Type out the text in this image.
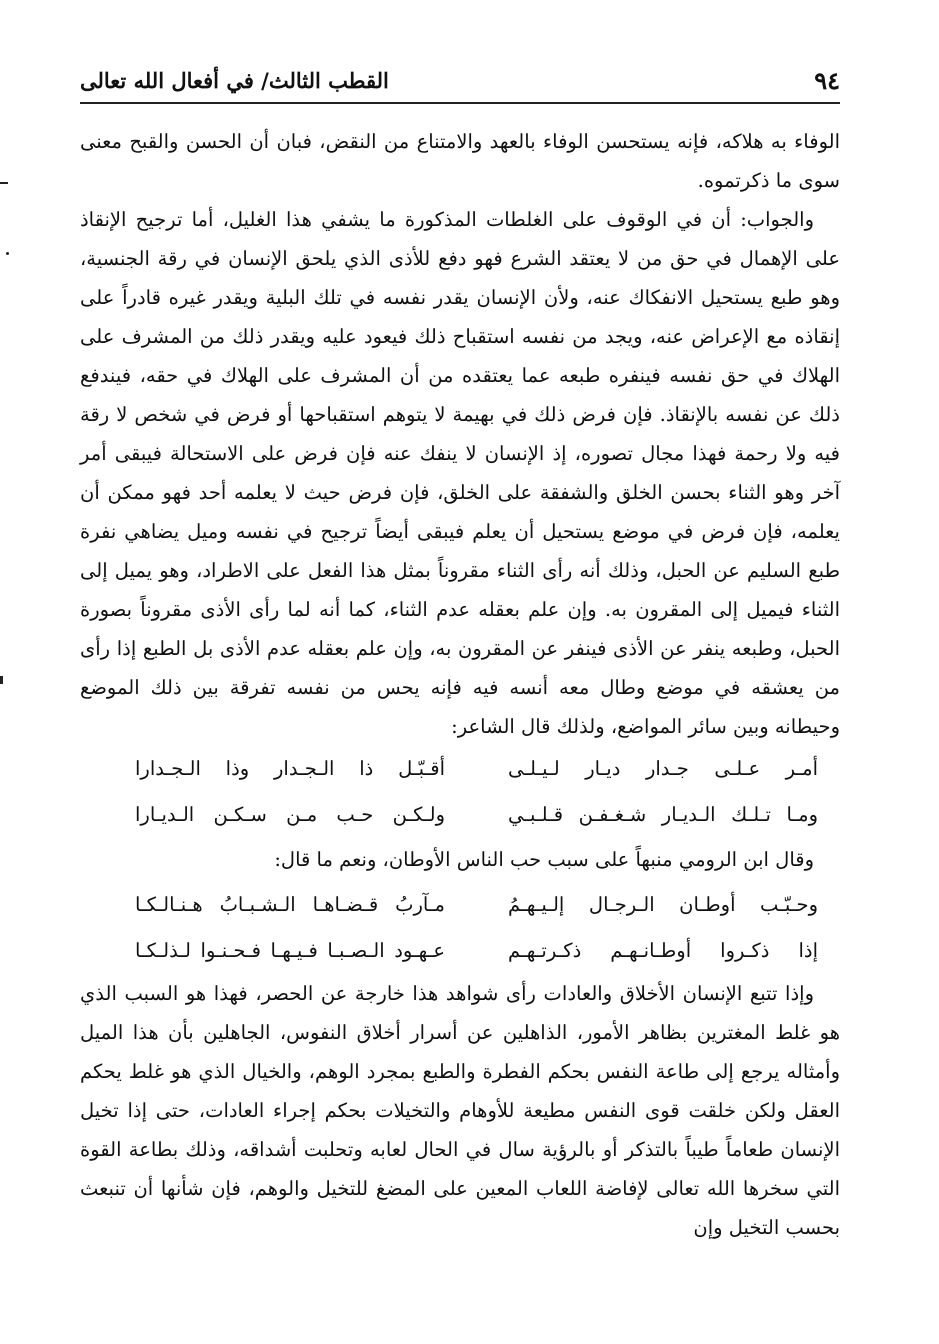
٩٤
القطب الثالث/ في أفعال الله تعالى

الوفاء به هلاكه، فإنه يستحسن الوفاء بالعهد والامتناع من النقض، فبان أن الحسن والقبح معنى سوى ما ذكرتموه.

والجواب: أن في الوقوف على الغلطات المذكورة ما يشفي هذا الغليل، أما ترجيح الإنقاذ على الإهمال في حق من لا يعتقد الشرع فهو دفع للأذى الذي يلحق الإنسان في رقة الجنسية، وهو طبع يستحيل الانفكاك عنه، ولأن الإنسان يقدر نفسه في تلك البلية ويقدر غيره قادراً على إنقاذه مع الإعراض عنه، ويجد من نفسه استقباح ذلك فيعود عليه ويقدر ذلك من المشرف على الهلاك في حق نفسه فينفره طبعه عما يعتقده من أن المشرف على الهلاك في حقه، فيندفع ذلك عن نفسه بالإنقاذ. فإن فرض ذلك في بهيمة لا يتوهم استقباحها أو فرض في شخص لا رقة فيه ولا رحمة فهذا مجال تصوره، إذ الإنسان لا ينفك عنه فإن فرض على الاستحالة فيبقى أمر آخر وهو الثناء بحسن الخلق والشفقة على الخلق، فإن فرض حيث لا يعلمه أحد فهو ممكن أن يعلمه، فإن فرض في موضع يستحيل أن يعلم فيبقى أيضاً ترجيح في نفسه وميل يضاهي نفرة طبع السليم عن الحبل، وذلك أنه رأى الثناء مقروناً بمثل هذا الفعل على الاطراد، وهو يميل إلى الثناء فيميل إلى المقرون به. وإن علم بعقله عدم الثناء، كما أنه لما رأى الأذى مقروناً بصورة الحبل، وطبعه ينفر عن الأذى فينفر عن المقرون به، وإن علم بعقله عدم الأذى بل الطبع إذا رأى من يعشقه في موضع وطال معه أنسه فيه فإنه يحس من نفسه تفرقة بين ذلك الموضع وحيطانه وبين سائر المواضع، ولذلك قال الشاعر:

أمـر عـلـى جـدار ديـار لـيـلـى
أقـبّـل ذا الـجـدار وذا الـجـدارا
ومـا تـلـك الـديـار شـغـفـن قـلـبـي
ولـكـن حـب مـن سـكـن الـديـارا

وقال ابن الرومي منبهاً على سبب حب الناس الأوطان، ونعم ما قال:

وحـبّـب أوطـان الـرجـال إلـيـهـمُ
مـآربُ قـضـاهـا الـشـبـابُ هـنـالـكـا
إذا ذكـروا أوطـانـهـم ذكـرتـهـم
عـهـود الـصـبـا فـيـهـا فـحـنـوا لـذلـكـا

وإذا تتبع الإنسان الأخلاق والعادات رأى شواهد هذا خارجة عن الحصر، فهذا هو السبب الذي هو غلط المغترين بظاهر الأمور، الذاهلين عن أسرار أخلاق النفوس، الجاهلين بأن هذا الميل وأمثاله يرجع إلى طاعة النفس بحكم الفطرة والطبع بمجرد الوهم، والخيال الذي هو غلط يحكم العقل ولكن خلقت قوى النفس مطيعة للأوهام والتخيلات بحكم إجراء العادات، حتى إذا تخيل الإنسان طعاماً طيباً بالتذكر أو بالرؤية سال في الحال لعابه وتحلبت أشداقه، وذلك بطاعة القوة التي سخرها الله تعالى لإفاضة اللعاب المعين على المضغ للتخيل والوهم، فإن شأنها أن تنبعث بحسب التخيل وإن
